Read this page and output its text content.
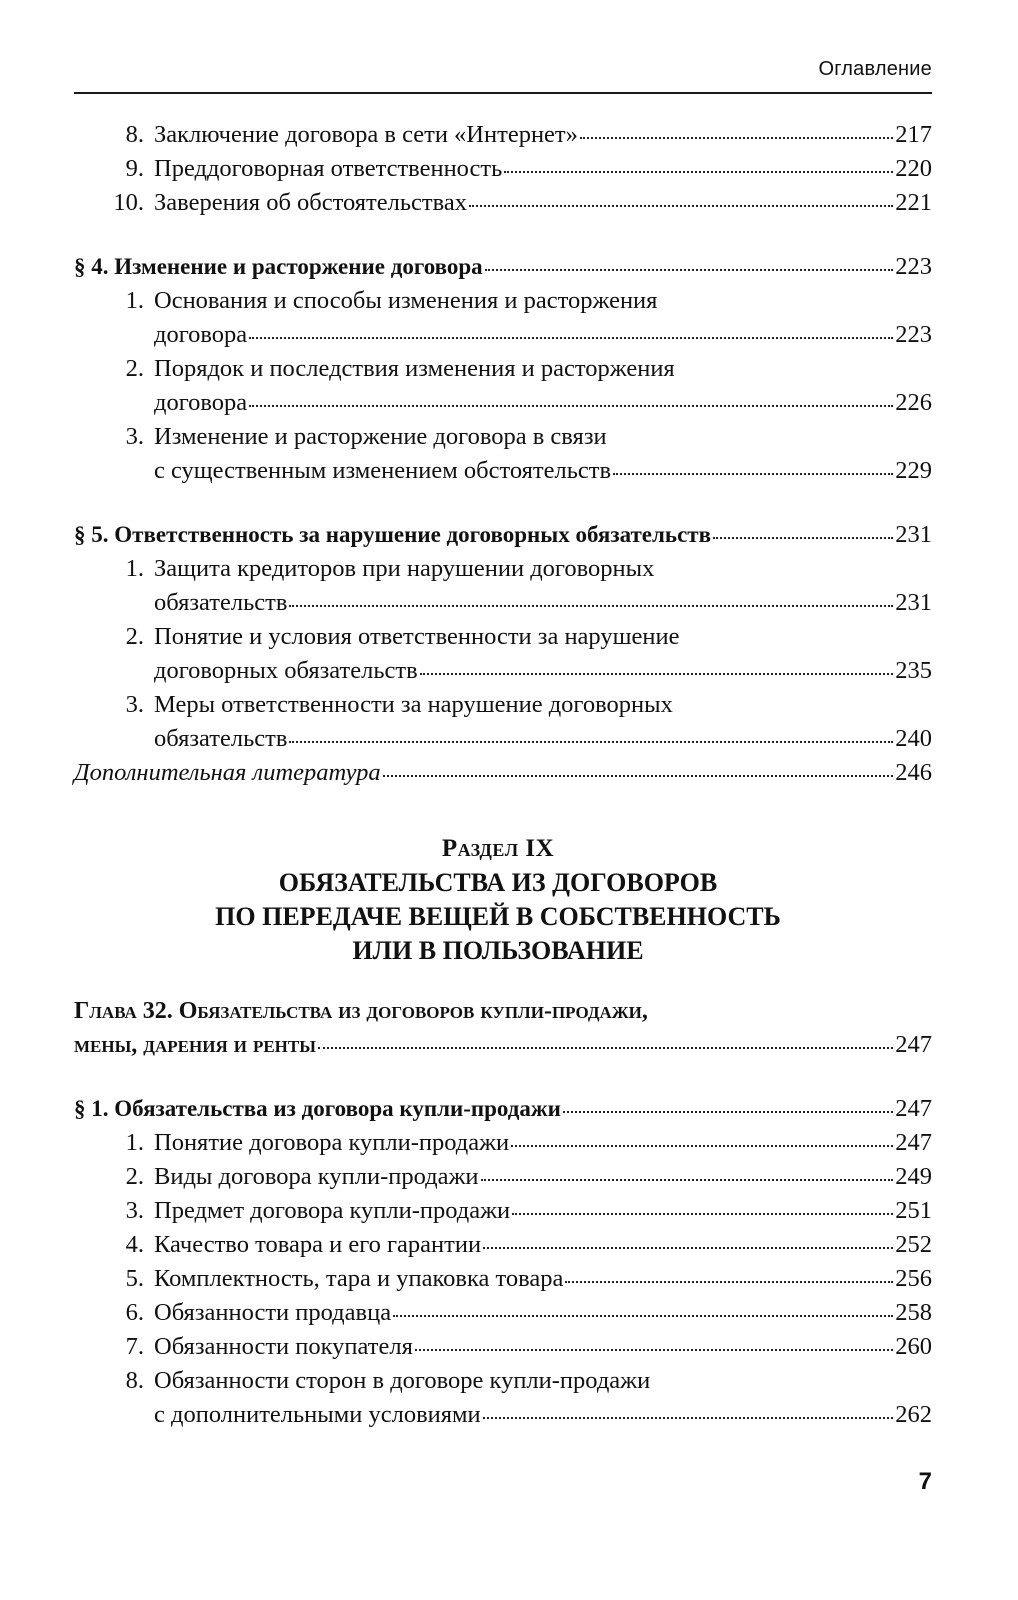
Оглавление
8. Заключение договора в сети «Интернет»	217
9. Преддоговорная ответственность	220
10. Заверения об обстоятельствах	221
§ 4. Изменение и расторжение договора	223
1. Основания и способы изменения и расторжения
договора	223
2. Порядок и последствия изменения и расторжения
договора	226
3. Изменение и расторжение договора в связи
с существенным изменением обстоятельств	229
§ 5. Ответственность за нарушение договорных обязательств	231
1. Защита кредиторов при нарушении договорных
обязательств	231
2. Понятие и условия ответственности за нарушение
договорных обязательств	235
3. Меры ответственности за нарушение договорных
обязательств	240
Дополнительная литература	246
Раздел IX
ОБЯЗАТЕЛЬСТВА ИЗ ДОГОВОРОВ
ПО ПЕРЕДАЧЕ ВЕЩЕЙ В СОБСТВЕННОСТЬ
ИЛИ В ПОЛЬЗОВАНИЕ
Глава 32. Обязательства из договоров купли-продажи,
мены, дарения и ренты	247
§ 1. Обязательства из договора купли-продажи	247
1. Понятие договора купли-продажи	247
2. Виды договора купли-продажи	249
3. Предмет договора купли-продажи	251
4. Качество товара и его гарантии	252
5. Комплектность, тара и упаковка товара	256
6. Обязанности продавца	258
7. Обязанности покупателя	260
8. Обязанности сторон в договоре купли-продажи
с дополнительными условиями	262
7
